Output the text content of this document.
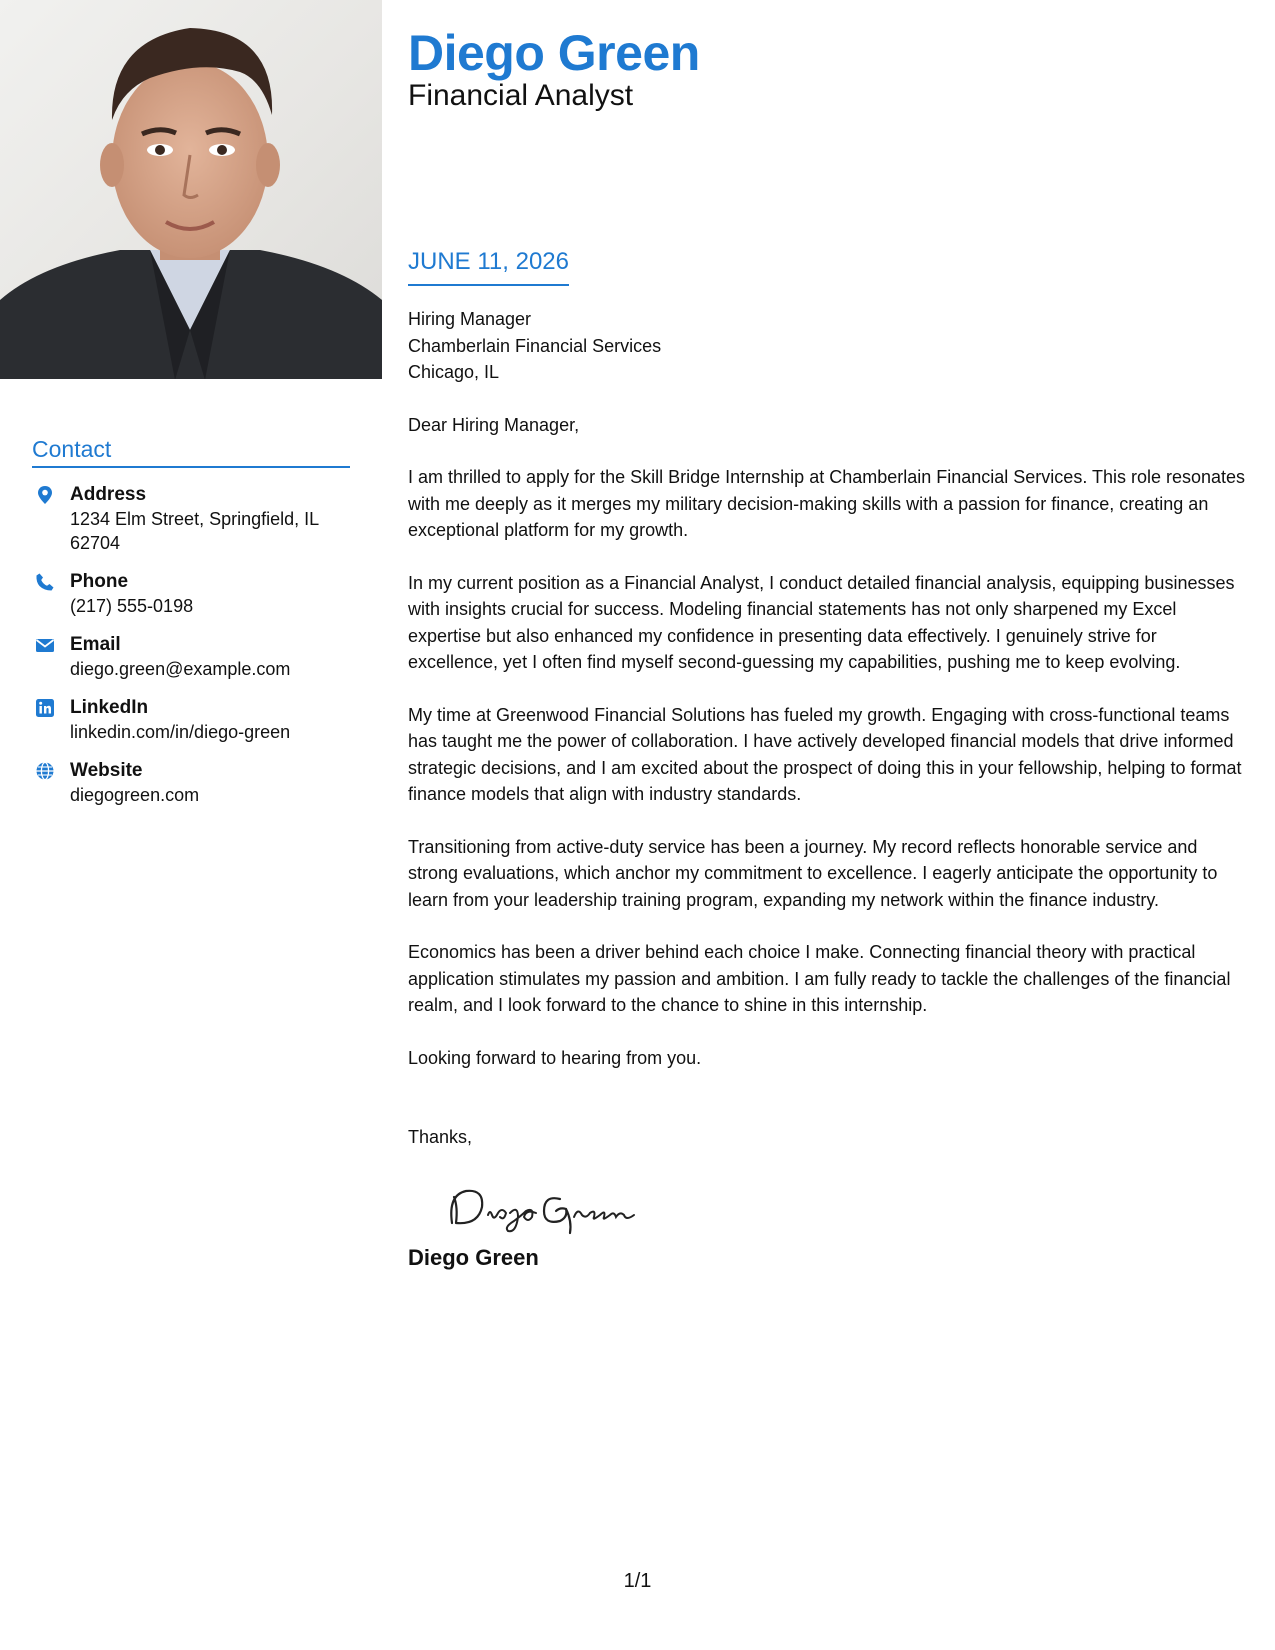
Contact
Address
1234 Elm Street, Springfield, IL 62704
Phone
(217) 555-0198
Email
diego.green@example.com
LinkedIn
linkedin.com/in/diego-green
Website
diegogreen.com
Diego Green
Financial Analyst
JUNE 11, 2026
Hiring Manager
Chamberlain Financial Services
Chicago, IL
Dear Hiring Manager,
I am thrilled to apply for the Skill Bridge Internship at Chamberlain Financial Services. This role resonates with me deeply as it merges my military decision-making skills with a passion for finance, creating an exceptional platform for my growth.
In my current position as a Financial Analyst, I conduct detailed financial analysis, equipping businesses with insights crucial for success. Modeling financial statements has not only sharpened my Excel expertise but also enhanced my confidence in presenting data effectively. I genuinely strive for excellence, yet I often find myself second-guessing my capabilities, pushing me to keep evolving.
My time at Greenwood Financial Solutions has fueled my growth. Engaging with cross-functional teams has taught me the power of collaboration. I have actively developed financial models that drive informed strategic decisions, and I am excited about the prospect of doing this in your fellowship, helping to format finance models that align with industry standards.
Transitioning from active-duty service has been a journey. My record reflects honorable service and strong evaluations, which anchor my commitment to excellence. I eagerly anticipate the opportunity to learn from your leadership training program, expanding my network within the finance industry.
Economics has been a driver behind each choice I make. Connecting financial theory with practical application stimulates my passion and ambition. I am fully ready to tackle the challenges of the financial realm, and I look forward to the chance to shine in this internship.
Looking forward to hearing from you.
Thanks,
Diego Green
1/1
